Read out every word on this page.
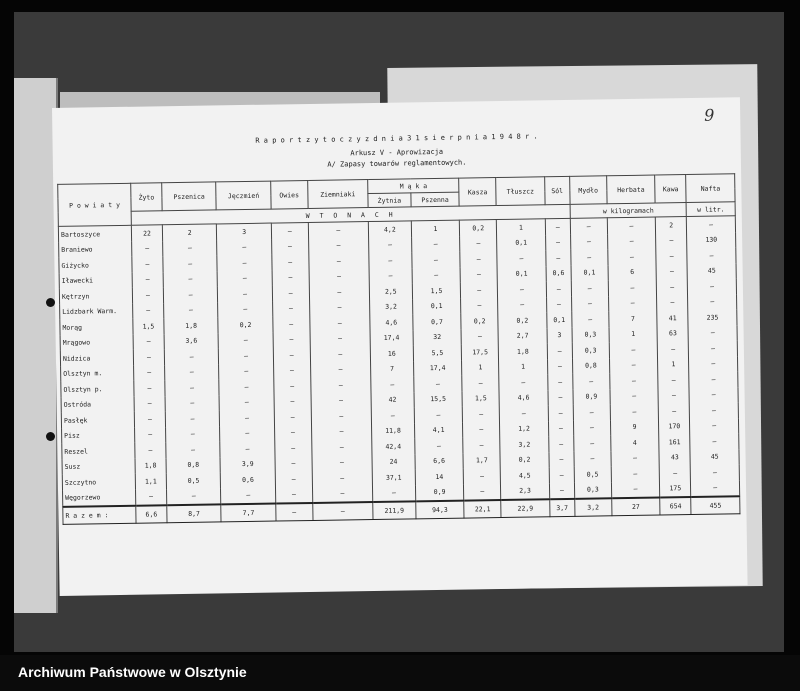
9
R a p o r t z y t o c z y z d n i a 3 1 s i e r p n i a 1 9 4 8 r .
Arkusz V - Aprowizacja
A/ Zapasy towarów reglamentowych.
P o w i a t y	Żyto	Pszenica	Jęczmień	Owies	Ziemniaki	M ą k a		Kasza	Tłuszcz	Sól	Mydło	Herbata	Kawa	Nafta
						Żytnia	Pszenna							
	W T O N A C H										w kilogramach			w litr.
Bartoszyce	22	2	3	–	–	4,2	1	0,2	1	–	–	–	2	–
Braniewo	–	–	–	–	–	–	–	–	0,1	–	–	–	–	130
Giżycko	–	–	–	–	–	–	–	–	–	–	–	–	–	–
Iławecki	–	–	–	–	–	–	–	–	0,1	0,6	0,1	6	–	45
Kętrzyn	–	–	–	–	–	2,5	1,5	–	–	–	–	–	–	–
Lidzbark Warm.	–	–	–	–	–	3,2	0,1	–	–	–	–	–	–	–
Morąg	1,5	1,8	0,2	–	–	4,6	0,7	0,2	0,2	0,1	–	7	41	235
Mrągowo	–	3,6	–	–	–	17,4	32	–	2,7	3	0,3	1	63	–
Nidzica	–	–	–	–	–	16	5,5	17,5	1,8	–	0,3	–	–	–
Olsztyn m.	–	–	–	–	–	7	17,4	1	1	–	0,8	–	1	–
Olsztyn p.	–	–	–	–	–	–	–	–	–	–	–	–	–	–
Ostróda	–	–	–	–	–	42	15,5	1,5	4,6	–	0,9	–	–	–
Pasłęk	–	–	–	–	–	–	–	–	–	–	–	–	–	–
Pisz	–	–	–	–	–	11,8	4,1	–	1,2	–	–	9	170	–
Reszel	–	–	–	–	–	42,4	–	–	3,2	–	–	4	161	–
Susz	1,8	0,8	3,9	–	–	24	6,6	1,7	0,2	–	–	–	43	45
Szczytno	1,1	0,5	0,6	–	–	37,1	14	–	4,5	–	0,5	–	–	–
Węgorzewo	–	–	–	–	–	–	0,9	–	2,3	–	0,3	–	175	–
R a z e m :	6,6	8,7	7,7	–	–	211,9	94,3	22,1	22,9	3,7	3,2	27	654	455
Archiwum Państwowe w Olsztynie
